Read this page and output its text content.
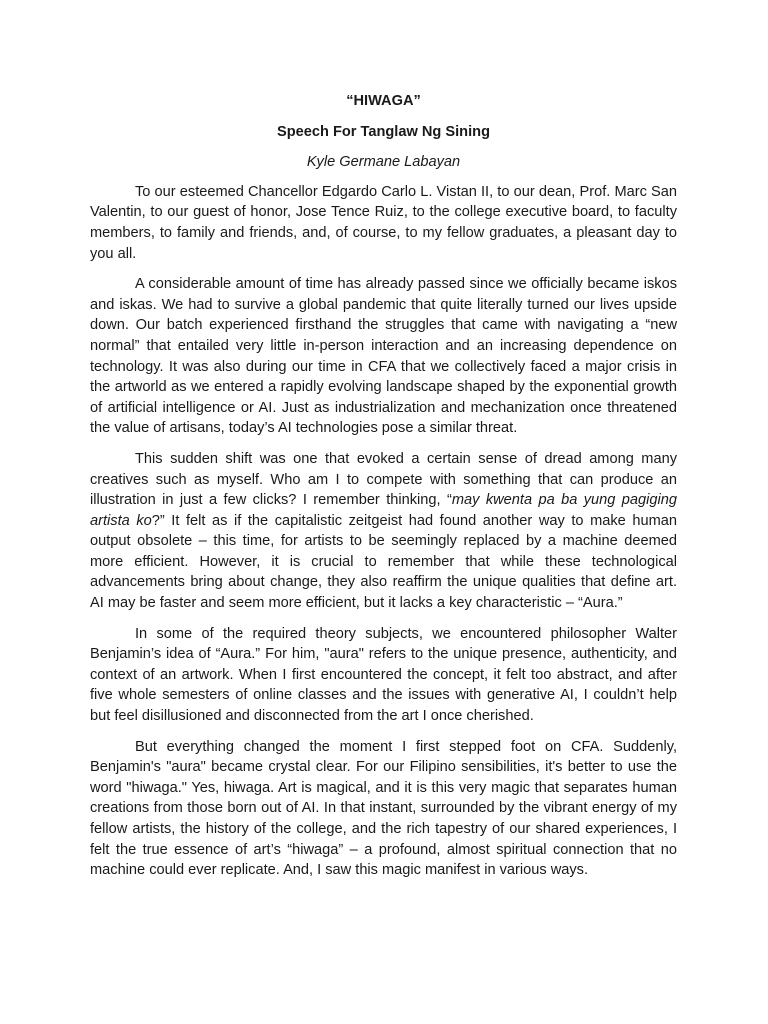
“HIWAGA”

Speech For Tanglaw Ng Sining

Kyle Germane Labayan

To our esteemed Chancellor Edgardo Carlo L. Vistan II, to our dean, Prof. Marc San Valentin, to our guest of honor, Jose Tence Ruiz, to the college executive board, to faculty members, to family and friends, and, of course, to my fellow graduates, a pleasant day to you all.

A considerable amount of time has already passed since we officially became iskos and iskas. We had to survive a global pandemic that quite literally turned our lives upside down. Our batch experienced firsthand the struggles that came with navigating a “new normal” that entailed very little in-person interaction and an increasing dependence on technology. It was also during our time in CFA that we collectively faced a major crisis in the artworld as we entered a rapidly evolving landscape shaped by the exponential growth of artificial intelligence or AI. Just as industrialization and mechanization once threatened the value of artisans, today’s AI technologies pose a similar threat.

This sudden shift was one that evoked a certain sense of dread among many creatives such as myself. Who am I to compete with something that can produce an illustration in just a few clicks? I remember thinking, “may kwenta pa ba yung pagiging artista ko?” It felt as if the capitalistic zeitgeist had found another way to make human output obsolete – this time, for artists to be seemingly replaced by a machine deemed more efficient. However, it is crucial to remember that while these technological advancements bring about change, they also reaffirm the unique qualities that define art. AI may be faster and seem more efficient, but it lacks a key characteristic – “Aura.”

In some of the required theory subjects, we encountered philosopher Walter Benjamin’s idea of “Aura.” For him, "aura" refers to the unique presence, authenticity, and context of an artwork. When I first encountered the concept, it felt too abstract, and after five whole semesters of online classes and the issues with generative AI, I couldn’t help but feel disillusioned and disconnected from the art I once cherished.

But everything changed the moment I first stepped foot on CFA. Suddenly, Benjamin's "aura" became crystal clear. For our Filipino sensibilities, it's better to use the word "hiwaga." Yes, hiwaga. Art is magical, and it is this very magic that separates human creations from those born out of AI. In that instant, surrounded by the vibrant energy of my fellow artists, the history of the college, and the rich tapestry of our shared experiences, I felt the true essence of art’s “hiwaga” – a profound, almost spiritual connection that no machine could ever replicate. And, I saw this magic manifest in various ways.
